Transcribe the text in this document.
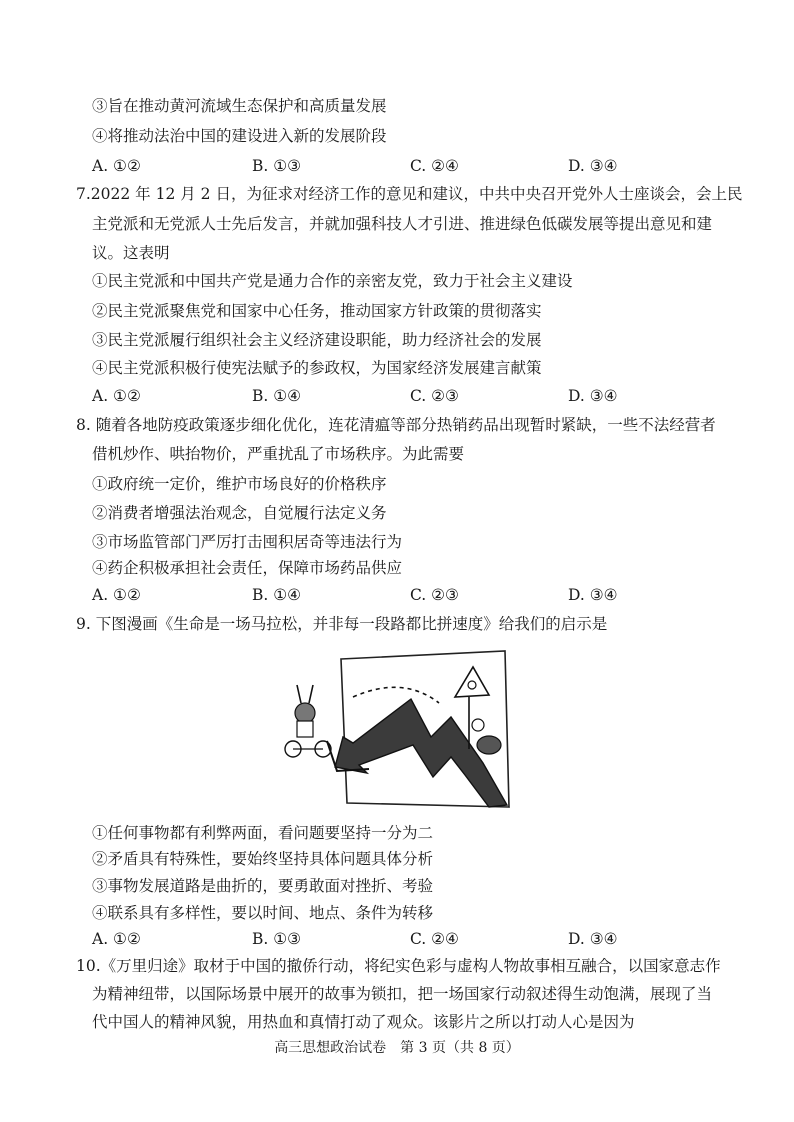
③旨在推动黄河流域生态保护和高质量发展
④将推动法治中国的建设进入新的发展阶段
A. ①②	B. ①③	C. ②④	D. ③④
7.2022 年 12 月 2 日，为征求对经济工作的意见和建议，中共中央召开党外人士座谈会，会上民
主党派和无党派人士先后发言，并就加强科技人才引进、推进绿色低碳发展等提出意见和建
议。这表明
①民主党派和中国共产党是通力合作的亲密友党，致力于社会主义建设
②民主党派聚焦党和国家中心任务，推动国家方针政策的贯彻落实
③民主党派履行组织社会主义经济建设职能，助力经济社会的发展
④民主党派积极行使宪法赋予的参政权，为国家经济发展建言献策
A. ①②	B. ①④	C. ②③	D. ③④
8. 随着各地防疫政策逐步细化优化，连花清瘟等部分热销药品出现暂时紧缺，一些不法经营者
借机炒作、哄抬物价，严重扰乱了市场秩序。为此需要
①政府统一定价，维护市场良好的价格秩序
②消费者增强法治观念，自觉履行法定义务
③市场监管部门严厉打击囤积居奇等违法行为
④药企积极承担社会责任，保障市场药品供应
A. ①②	B. ①④	C. ②③	D. ③④
9. 下图漫画《生命是一场马拉松，并非每一段路都比拼速度》给我们的启示是
①任何事物都有利弊两面，看问题要坚持一分为二
②矛盾具有特殊性，要始终坚持具体问题具体分析
③事物发展道路是曲折的，要勇敢面对挫折、考验
④联系具有多样性，要以时间、地点、条件为转移
A. ①②	B. ①③	C. ②④	D. ③④
10.《万里归途》取材于中国的撤侨行动，将纪实色彩与虚构人物故事相互融合，以国家意志作
为精神纽带，以国际场景中展开的故事为锁扣，把一场国家行动叙述得生动饱满，展现了当
代中国人的精神风貌，用热血和真情打动了观众。该影片之所以打动人心是因为
高三思想政治试卷　第 3 页（共 8 页）
